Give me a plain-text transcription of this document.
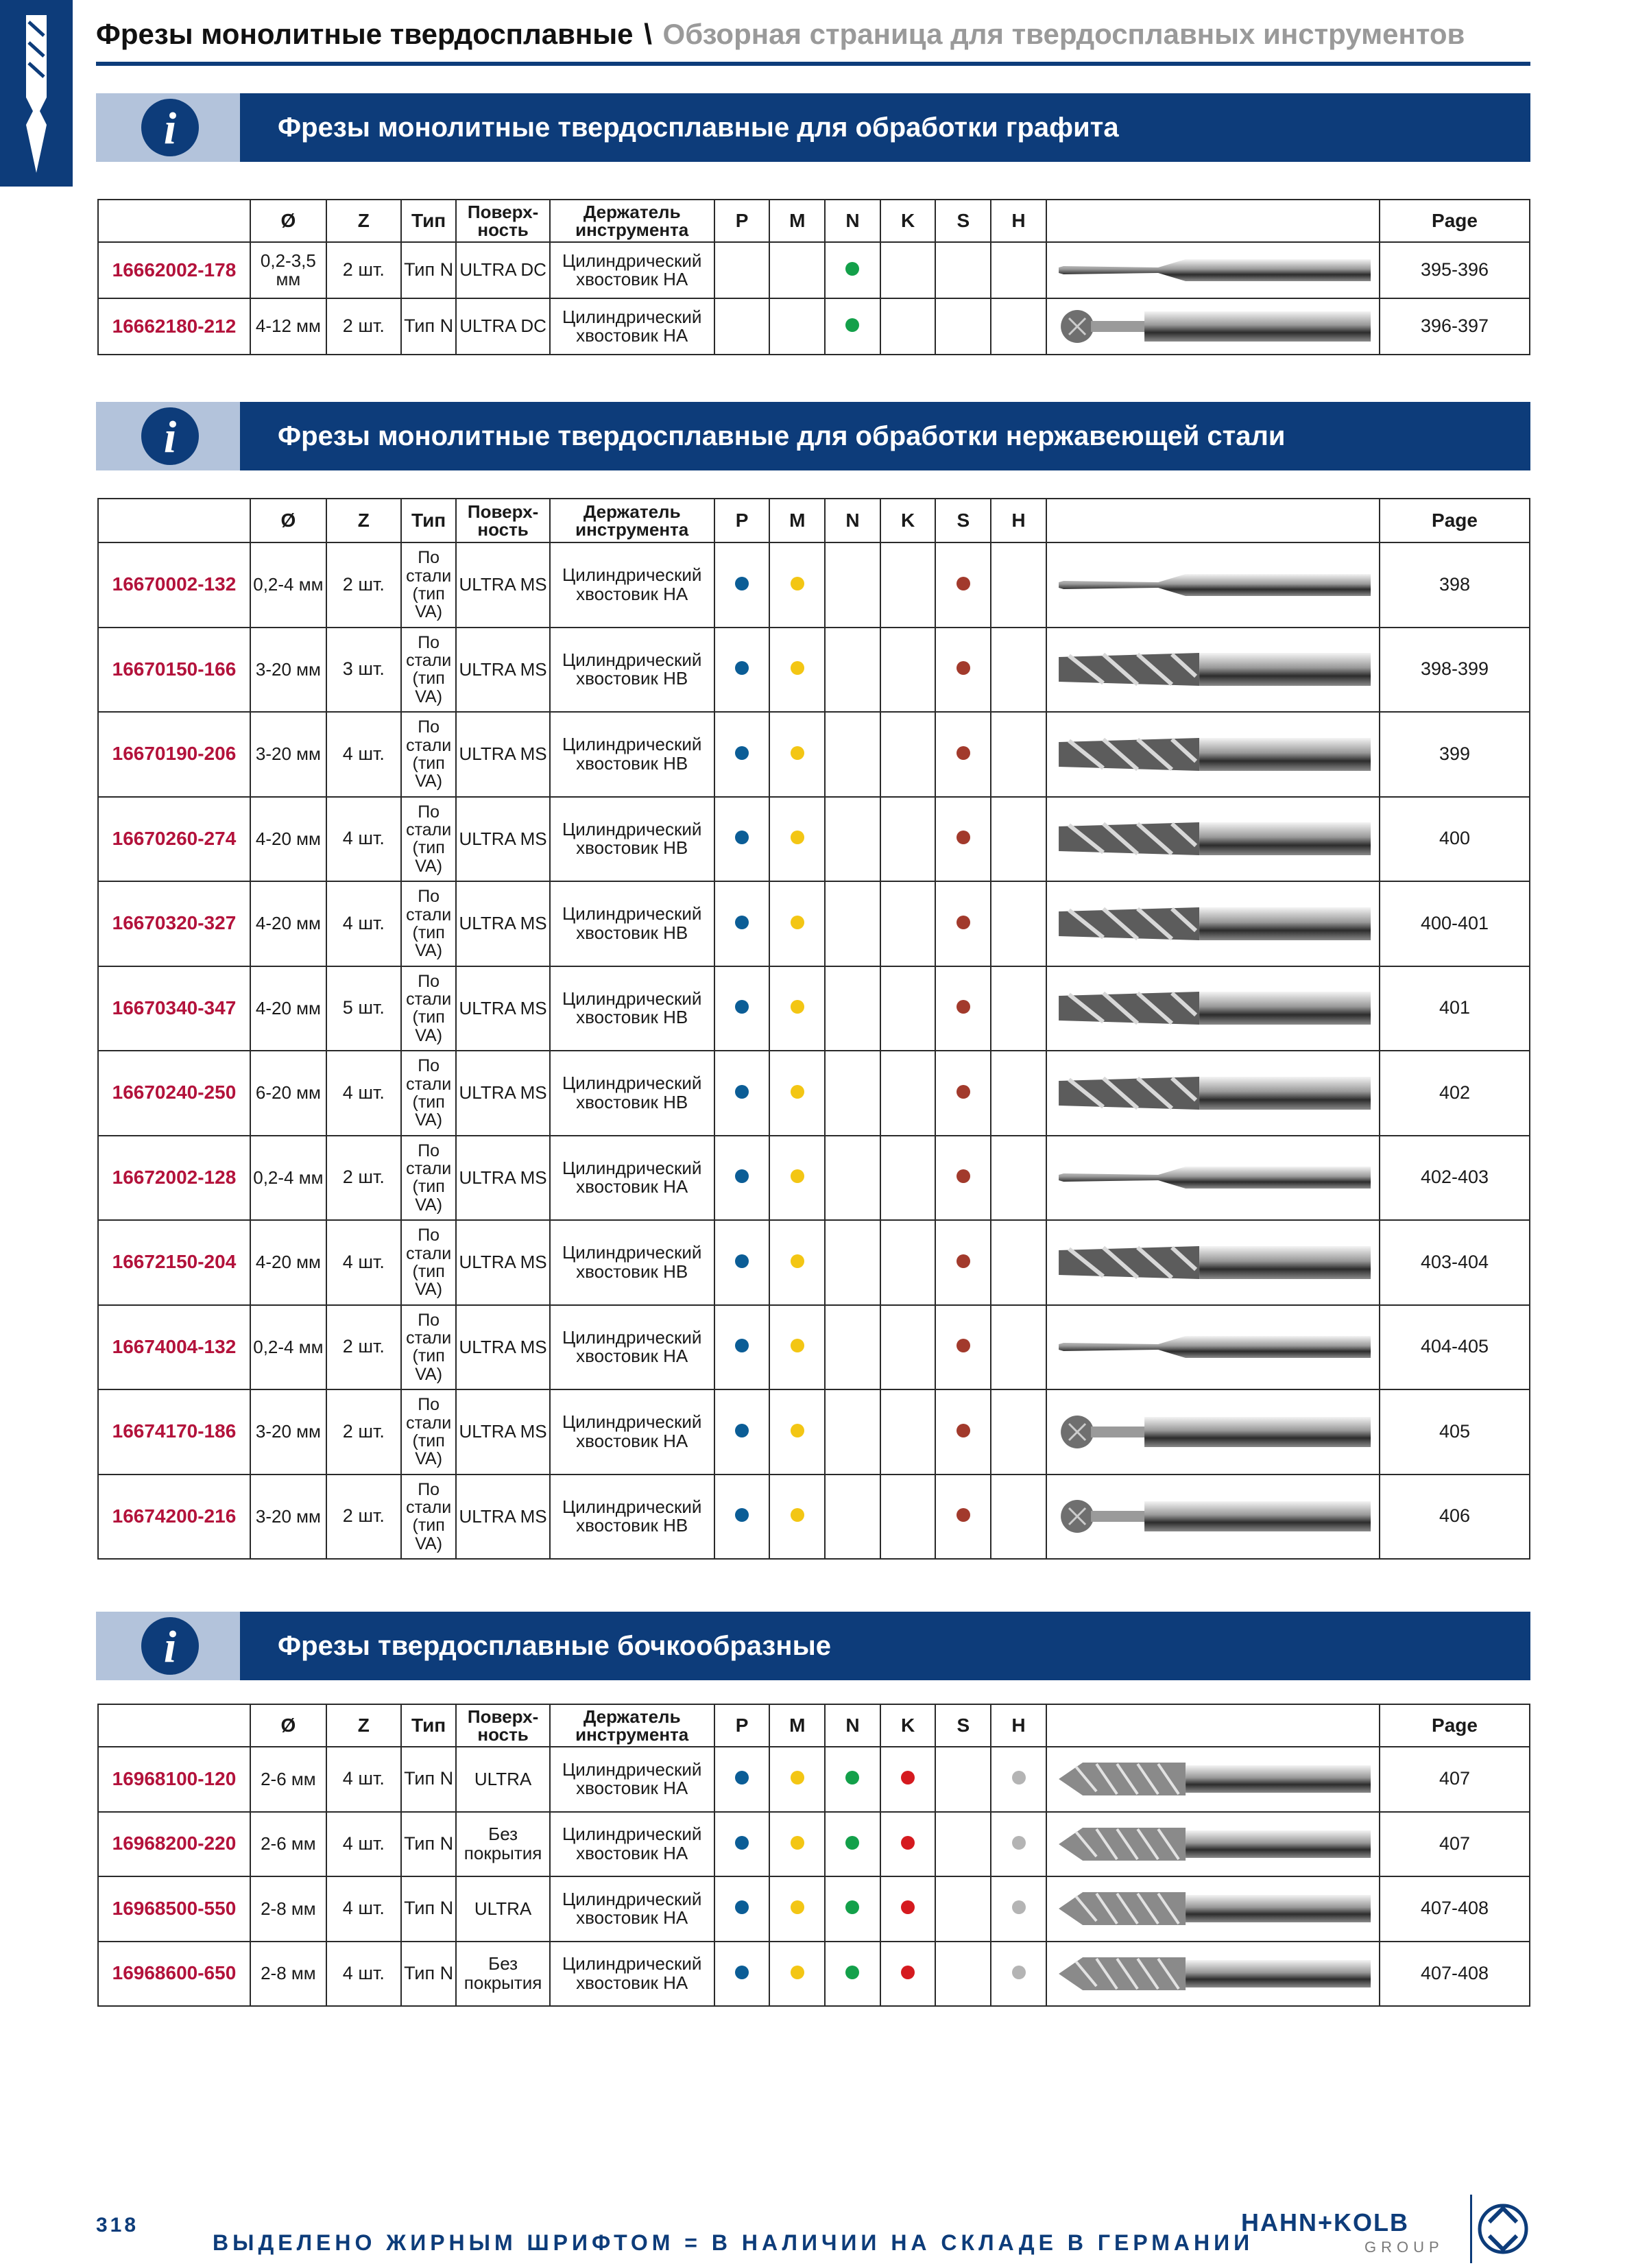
Фрезы монолитные твердосплавные \ Обзорная страница для твердосплавных инструментов
i	Фрезы монолитные твердосплавные для обработки графита
i	Фрезы монолитные твердосплавные для обработки нержавеющей стали
i	Фрезы твердосплавные бочкообразные
	Ø	Z	Тип	Поверх-ность	Держатель инструмента	P	M	N	K	S	H		Page
16662002-178	0,2-3,5 мм	2 шт.	Тип N	ULTRA DC	Цилиндрический хвостовик HA								395-396
16662180-212	4-12 мм	2 шт.	Тип N	ULTRA DC	Цилиндрический хвостовик HA								396-397
	Ø	Z	Тип	Поверх-ность	Держатель инструмента	P	M	N	K	S	H		Page
16670002-132	0,2-4 мм	2 шт.	По стали (тип VA)	ULTRA MS	Цилиндрический хвостовик HA								398
16670150-166	3-20 мм	3 шт.	По стали (тип VA)	ULTRA MS	Цилиндрический хвостовик HB								398-399
16670190-206	3-20 мм	4 шт.	По стали (тип VA)	ULTRA MS	Цилиндрический хвостовик HB								399
16670260-274	4-20 мм	4 шт.	По стали (тип VA)	ULTRA MS	Цилиндрический хвостовик HB								400
16670320-327	4-20 мм	4 шт.	По стали (тип VA)	ULTRA MS	Цилиндрический хвостовик HB								400-401
16670340-347	4-20 мм	5 шт.	По стали (тип VA)	ULTRA MS	Цилиндрический хвостовик HB								401
16670240-250	6-20 мм	4 шт.	По стали (тип VA)	ULTRA MS	Цилиндрический хвостовик HB								402
16672002-128	0,2-4 мм	2 шт.	По стали (тип VA)	ULTRA MS	Цилиндрический хвостовик HA								402-403
16672150-204	4-20 мм	4 шт.	По стали (тип VA)	ULTRA MS	Цилиндрический хвостовик HB								403-404
16674004-132	0,2-4 мм	2 шт.	По стали (тип VA)	ULTRA MS	Цилиндрический хвостовик HA								404-405
16674170-186	3-20 мм	2 шт.	По стали (тип VA)	ULTRA MS	Цилиндрический хвостовик HA								405
16674200-216	3-20 мм	2 шт.	По стали (тип VA)	ULTRA MS	Цилиндрический хвостовик HB								406
	Ø	Z	Тип	Поверх-ность	Держатель инструмента	P	M	N	K	S	H		Page
16968100-120	2-6 мм	4 шт.	Тип N	ULTRA	Цилиндрический хвостовик HA								407
16968200-220	2-6 мм	4 шт.	Тип N	Без покрытия	Цилиндрический хвостовик HA								407
16968500-550	2-8 мм	4 шт.	Тип N	ULTRA	Цилиндрический хвостовик HA								407-408
16968600-650	2-8 мм	4 шт.	Тип N	Без покрытия	Цилиндрический хвостовик HA								407-408
318
ВЫДЕЛЕНО ЖИРНЫМ ШРИФТОМ = В НАЛИЧИИ НА СКЛАДЕ В ГЕРМАНИИ
HAHN+KOLB
GROUP
